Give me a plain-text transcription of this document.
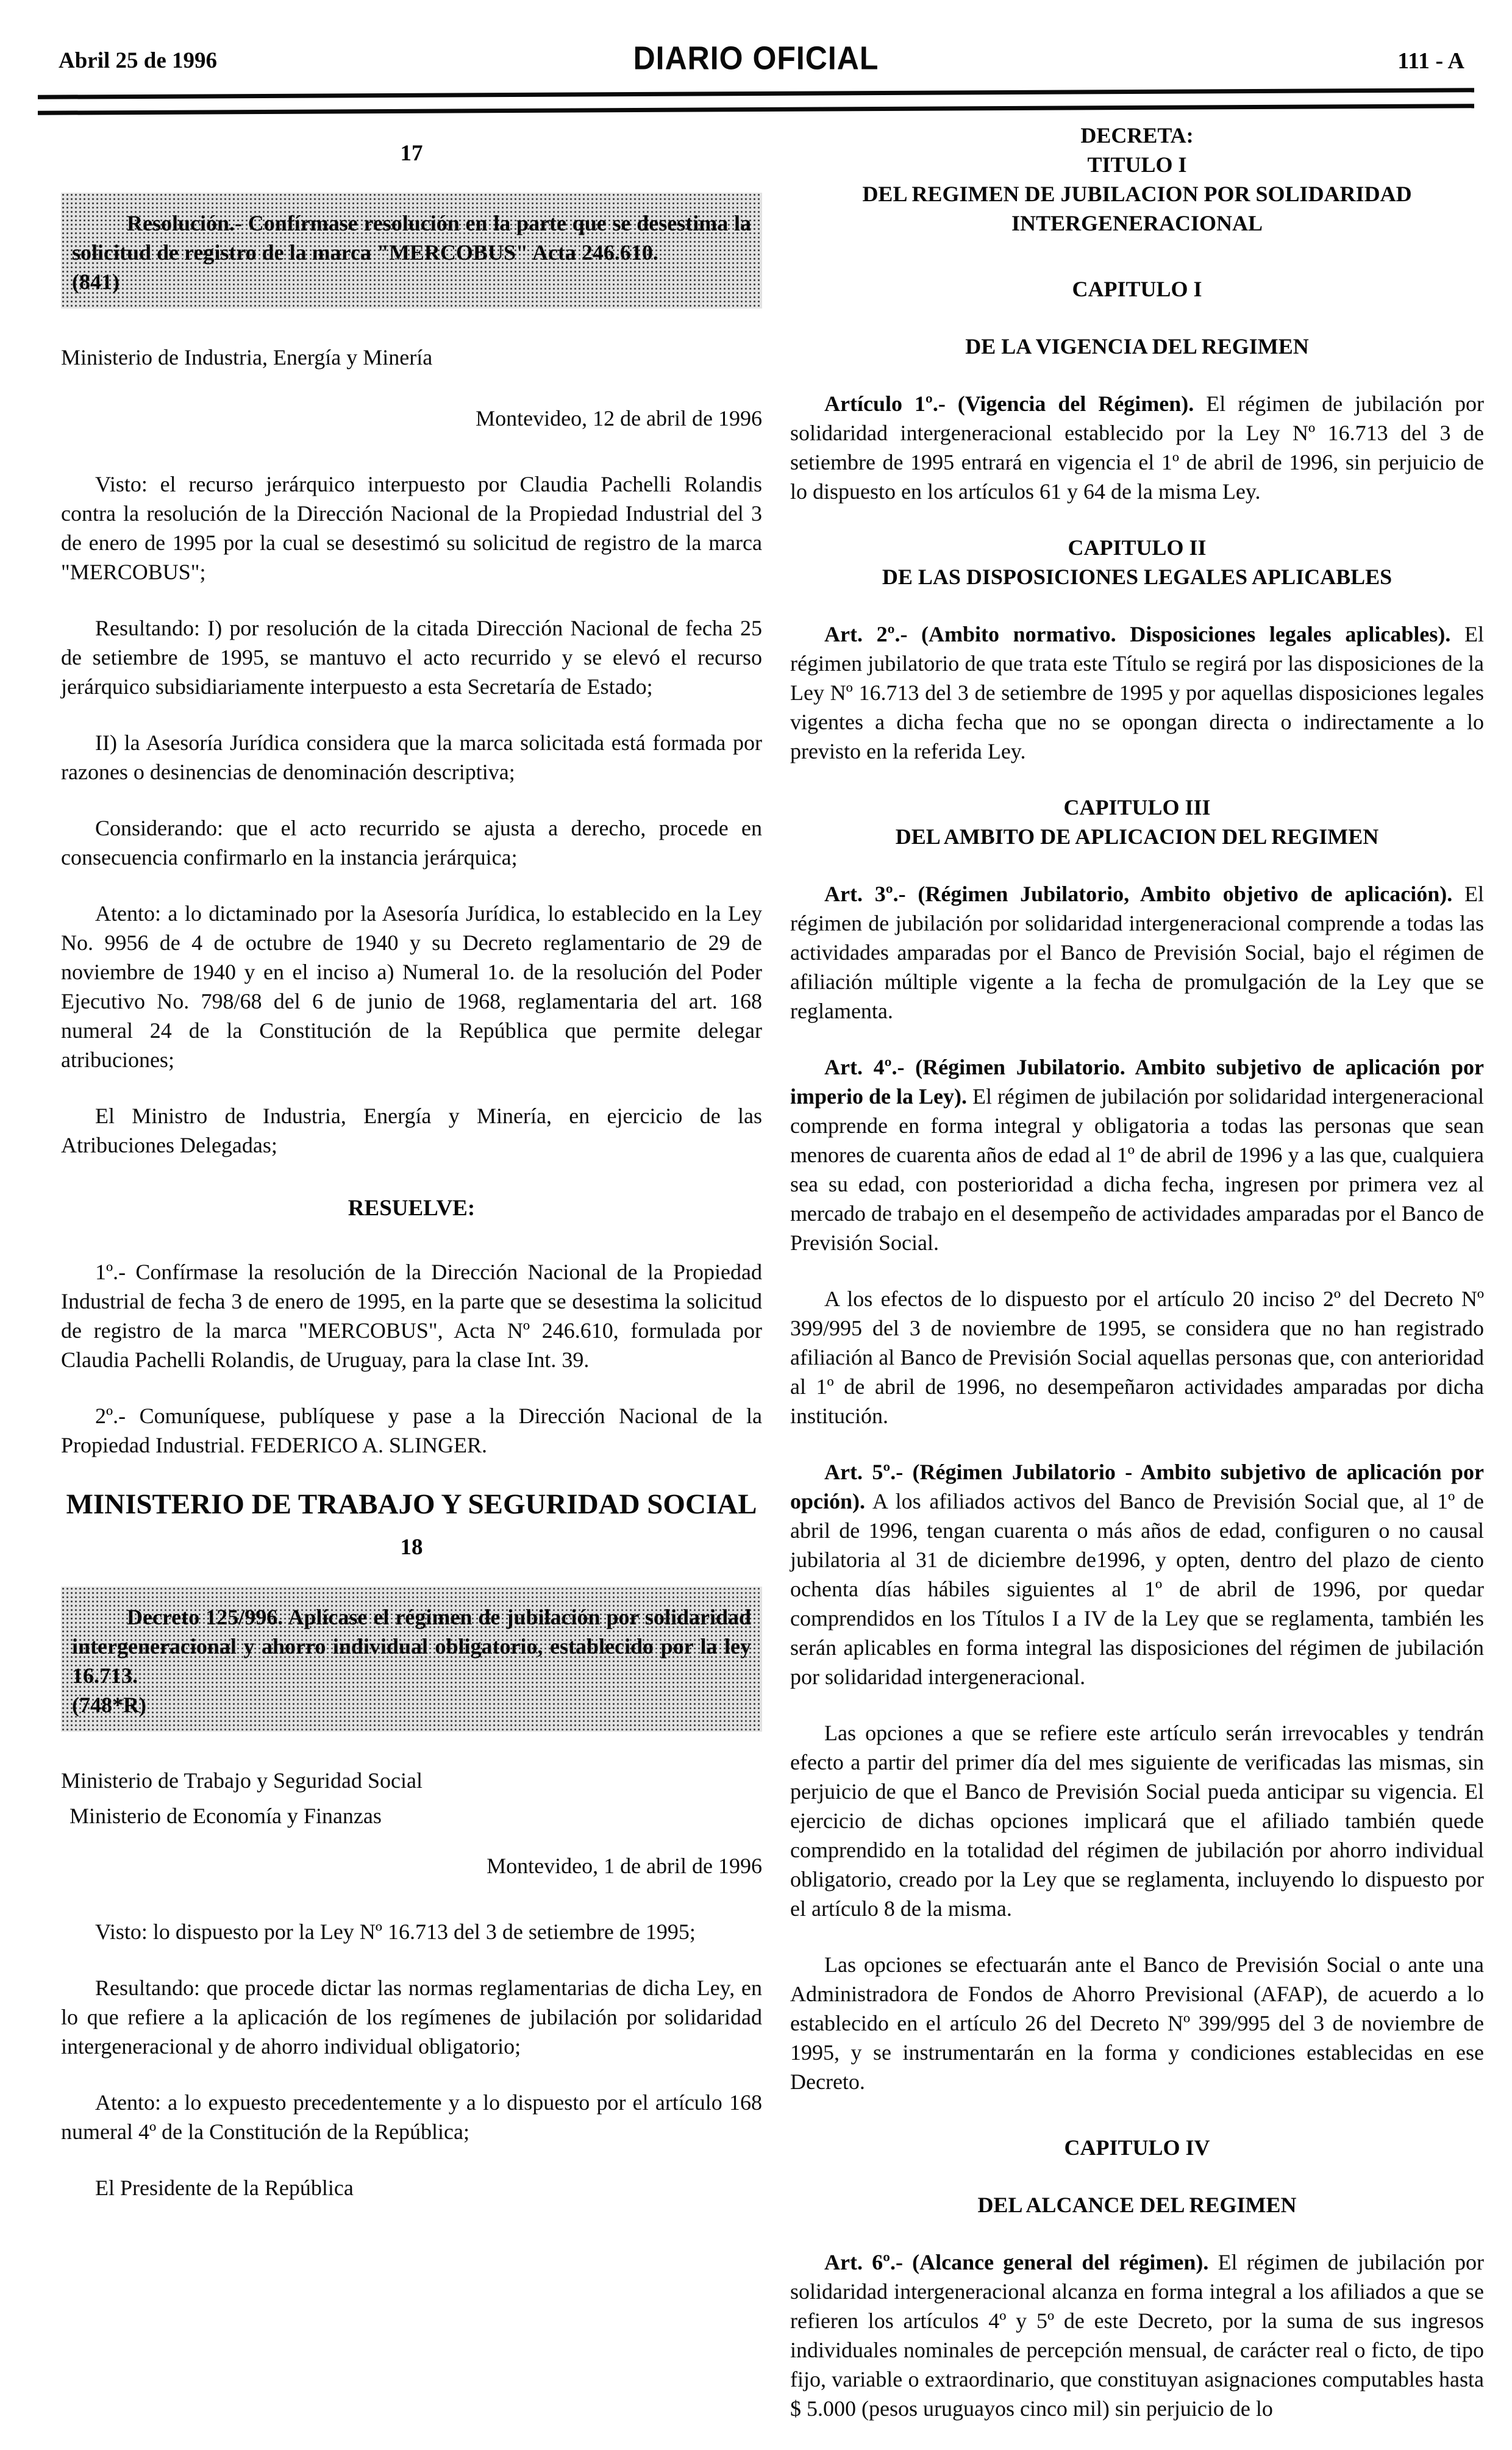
Abril 25 de 1996	DIARIO OFICIAL	111 - A
17

Resolución.- Confírmase resolución en la parte que se desestima la solicitud de registro de la marca "MERCOBUS" Acta 246.610.

(841)

Ministerio de Industria, Energía y Minería

Montevideo, 12 de abril de 1996

Visto: el recurso jerárquico interpuesto por Claudia Pachelli Rolandis contra la resolución de la Dirección Nacional de la Propiedad Industrial del 3 de enero de 1995 por la cual se desestimó su solicitud de registro de la marca "MERCOBUS";

Resultando: I) por resolución de la citada Dirección Nacional de fecha 25 de setiembre de 1995, se mantuvo el acto recurrido y se elevó el recurso jerárquico subsidiariamente interpuesto a esta Secretaría de Estado;

II) la Asesoría Jurídica considera que la marca solicitada está formada por razones o desinencias de denominación descriptiva;

Considerando: que el acto recurrido se ajusta a derecho, procede en consecuencia confirmarlo en la instancia jerárquica;

Atento: a lo dictaminado por la Asesoría Jurídica, lo establecido en la Ley No. 9956 de 4 de octubre de 1940 y su Decreto reglamentario de 29 de noviembre de 1940 y en el inciso a) Numeral 1o. de la resolución del Poder Ejecutivo No. 798/68 del 6 de junio de 1968, reglamentaria del art. 168 numeral 24 de la Constitución de la República que permite delegar atribuciones;

El Ministro de Industria, Energía y Minería, en ejercicio de las Atribuciones Delegadas;

RESUELVE:

1º.- Confírmase la resolución de la Dirección Nacional de la Propiedad Industrial de fecha 3 de enero de 1995, en la parte que se desestima la solicitud de registro de la marca "MERCOBUS", Acta Nº 246.610, formulada por Claudia Pachelli Rolandis, de Uruguay, para la clase Int. 39.

2º.- Comuníquese, publíquese y pase a la Dirección Nacional de la Propiedad Industrial. FEDERICO A. SLINGER.

MINISTERIO DE TRABAJO Y SEGURIDAD SOCIAL
18

Decreto 125/996. Aplícase el régimen de jubilación por solidaridad intergeneracional y ahorro individual obligatorio, establecido por la ley 16.713.

(748*R)

Ministerio de Trabajo y Seguridad Social

Ministerio de Economía y Finanzas

Montevideo, 1 de abril de 1996

Visto: lo dispuesto por la Ley Nº 16.713 del 3 de setiembre de 1995;

Resultando: que procede dictar las normas reglamentarias de dicha Ley, en lo que refiere a la aplicación de los regímenes de jubilación por solidaridad intergeneracional y de ahorro individual obligatorio;

Atento: a lo expuesto precedentemente y a lo dispuesto por el artículo 168 numeral 4º de la Constitución de la República;

El Presidente de la República

DECRETA:
TITULO I
DEL REGIMEN DE JUBILACION POR SOLIDARIDAD
INTERGENERACIONAL
CAPITULO I
DE LA VIGENCIA DEL REGIMEN

Artículo 1º.- (Vigencia del Régimen). El régimen de jubilación por solidaridad intergeneracional establecido por la Ley Nº 16.713 del 3 de setiembre de 1995 entrará en vigencia el 1º de abril de 1996, sin perjuicio de lo dispuesto en los artículos 61 y 64 de la misma Ley.

CAPITULO II
DE LAS DISPOSICIONES LEGALES APLICABLES

Art. 2º.- (Ambito normativo. Disposiciones legales aplicables). El régimen jubilatorio de que trata este Título se regirá por las disposiciones de la Ley Nº 16.713 del 3 de setiembre de 1995 y por aquellas disposiciones legales vigentes a dicha fecha que no se opongan directa o indirectamente a lo previsto en la referida Ley.

CAPITULO III
DEL AMBITO DE APLICACION DEL REGIMEN

Art. 3º.- (Régimen Jubilatorio, Ambito objetivo de aplicación). El régimen de jubilación por solidaridad intergeneracional comprende a todas las actividades amparadas por el Banco de Previsión Social, bajo el régimen de afiliación múltiple vigente a la fecha de promulgación de la Ley que se reglamenta.

Art. 4º.- (Régimen Jubilatorio. Ambito subjetivo de aplicación por imperio de la Ley). El régimen de jubilación por solidaridad intergeneracional comprende en forma integral y obligatoria a todas las personas que sean menores de cuarenta años de edad al 1º de abril de 1996 y a las que, cualquiera sea su edad, con posterioridad a dicha fecha, ingresen por primera vez al mercado de trabajo en el desempeño de actividades amparadas por el Banco de Previsión Social.

A los efectos de lo dispuesto por el artículo 20 inciso 2º del Decreto Nº 399/995 del 3 de noviembre de 1995, se considera que no han registrado afiliación al Banco de Previsión Social aquellas personas que, con anterioridad al 1º de abril de 1996, no desempeñaron actividades amparadas por dicha institución.

Art. 5º.- (Régimen Jubilatorio - Ambito subjetivo de aplicación por opción). A los afiliados activos del Banco de Previsión Social que, al 1º de abril de 1996, tengan cuarenta o más años de edad, configuren o no causal jubilatoria al 31 de diciembre de1996, y opten, dentro del plazo de ciento ochenta días hábiles siguientes al 1º de abril de 1996, por quedar comprendidos en los Títulos I a IV de la Ley que se reglamenta, también les serán aplicables en forma integral las disposiciones del régimen de jubilación por solidaridad intergeneracional.

Las opciones a que se refiere este artículo serán irrevocables y tendrán efecto a partir del primer día del mes siguiente de verificadas las mismas, sin perjuicio de que el Banco de Previsión Social pueda anticipar su vigencia. El ejercicio de dichas opciones implicará que el afiliado también quede comprendido en la totalidad del régimen de jubilación por ahorro individual obligatorio, creado por la Ley que se reglamenta, incluyendo lo dispuesto por el artículo 8 de la misma.

Las opciones se efectuarán ante el Banco de Previsión Social o ante una Administradora de Fondos de Ahorro Previsional (AFAP), de acuerdo a lo establecido en el artículo 26 del Decreto Nº 399/995 del 3 de noviembre de 1995, y se instrumentarán en la forma y condiciones establecidas en ese Decreto.

CAPITULO IV
DEL ALCANCE DEL REGIMEN

Art. 6º.- (Alcance general del régimen). El régimen de jubilación por solidaridad intergeneracional alcanza en forma integral a los afiliados a que se refieren los artículos 4º y 5º de este Decreto, por la suma de sus ingresos individuales nominales de percepción mensual, de carácter real o ficto, de tipo fijo, variable o extraordinario, que constituyan asignaciones computables hasta $ 5.000 (pesos uruguayos cinco mil) sin perjuicio de lo
